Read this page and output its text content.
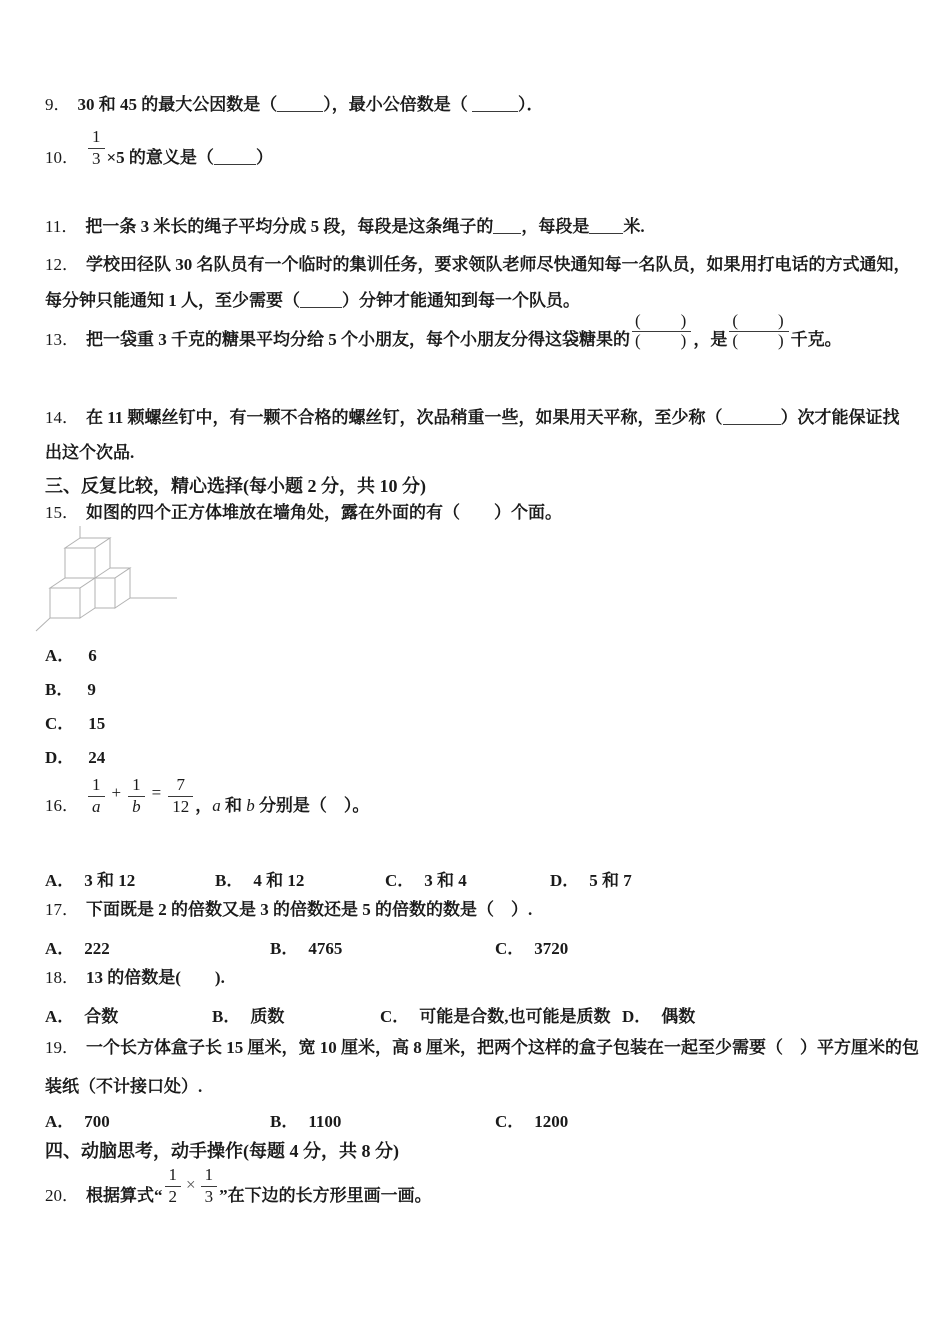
9． 30 和 45 的最大公因数是（	），最小公倍数是（	）．
10． $\frac{1}{3} \times 5$ 的意义是（ ）
11． 把一条 3 米长的绳子平均分成 5 段，每段是这条绳子的 ，每段是 米.
12． 学校田径队 30 名队员有一个临时的集训任务，要求领队老师尽快通知每一名队员，如果用打电话的方式通知，
每分钟只能通知 1 人，至少需要（ ）分钟才能通知到每一个队员。
13． 把一袋重 3 千克的糖果平均分给 5 个小朋友，每个小朋友分得这袋糖果的 $\frac{( )}{( )}$ ，是 $\frac{( )}{( )}$ 千克。
14． 在 11 颗螺丝钉中，有一颗不合格的螺丝钉，次品稍重一些，如果用天平称，至少称（	）次才能保证找
出这个次品.
三、反复比较，精心选择(每小题 2 分，共 10 分)
15． 如图的四个正方体堆放在墙角处，露在外面的有（　　）个面。
A． 6
B． 9
C． 15
D． 24
16． $\frac{1}{a} + \frac{1}{b} = \frac{7}{12}$ ，a 和 b 分别是（　）。
A． 3 和 12	B． 4 和 12	C． 3 和 4	D． 5 和 7
17． 下面既是 2 的倍数又是 3 的倍数还是 5 的倍数的数是（　）.
A． 222	B． 4765	C． 3720
18． 13 的倍数是(　　).
A． 合数	B． 质数	C． 可能是合数,也可能是质数 D． 偶数
19． 一个长方体盒子长 15 厘米，宽 10 厘米，高 8 厘米，把两个这样的盒子包装在一起至少需要（　）平方厘米的包
装纸（不计接口处）.
A． 700	B． 1100	C． 1200
四、动脑思考，动手操作(每题 4 分，共 8 分)
20． 根据算式“ $\frac{1}{2} \times \frac{1}{3}$ ”在下边的长方形里画一画。
